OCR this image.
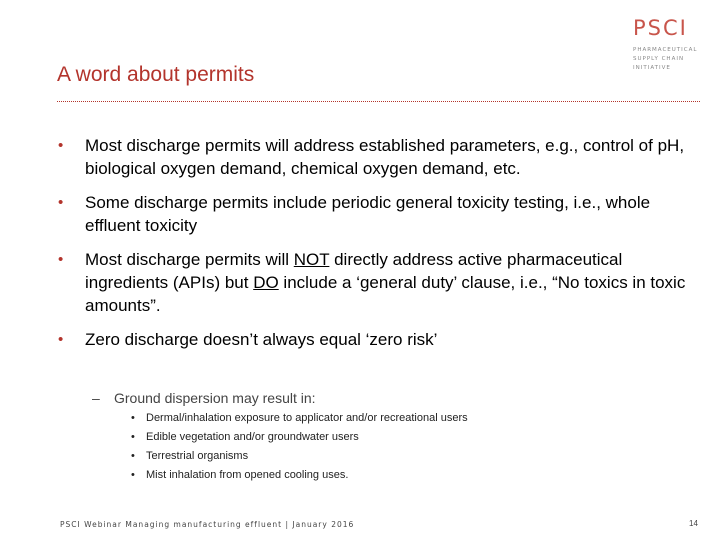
A word about permits
PSCI
PHARMACEUTICAL
SUPPLY CHAIN
INITIATIVE
• Most discharge permits will address established parameters, e.g., control of pH, biological oxygen demand, chemical oxygen demand, etc.
• Some discharge permits include periodic general toxicity testing, i.e., whole effluent toxicity
• Most discharge permits will NOT directly address active pharmaceutical ingredients (APIs) but DO include a ‘general duty’ clause, i.e., “No toxics in toxic amounts”.
• Zero discharge doesn’t always equal ‘zero risk’
– Ground dispersion may result in:
• Dermal/inhalation exposure to applicator and/or recreational users
• Edible vegetation and/or groundwater users
• Terrestrial organisms
• Mist inhalation from opened cooling uses.
PSCI Webinar Managing manufacturing effluent | January 2016	14
